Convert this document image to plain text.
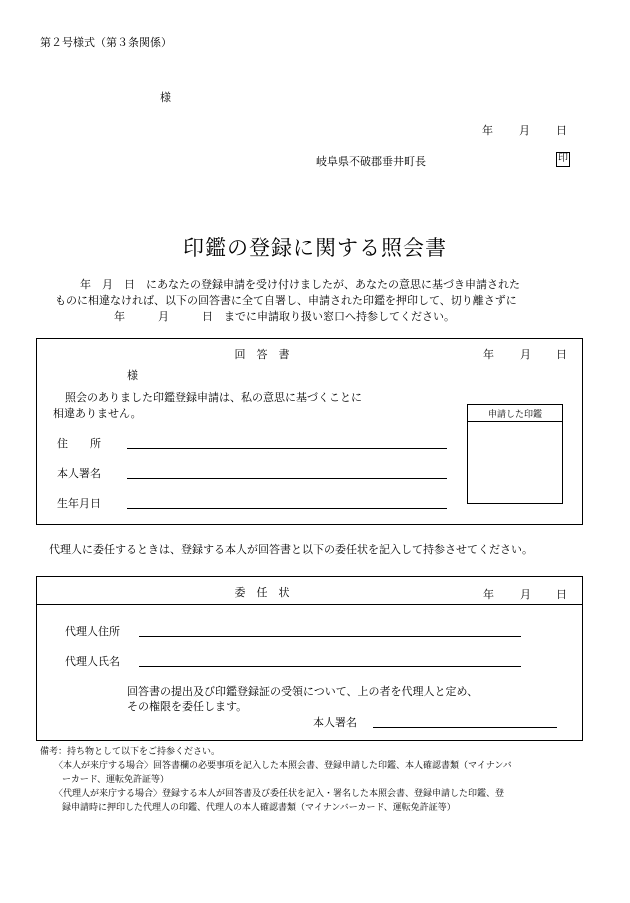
第２号様式（第３条関係）
様
年 月 日
岐阜県不破郡垂井町長	印
印鑑の登録に関する照会書
年　月　日　にあなたの登録申請を受け付けましたが、あなたの意思に基づき申請された
ものに相違なければ、以下の回答書に全て自署し、申請された印鑑を押印して、切り離さずに
年　　　月　　　日　までに申請取り扱い窓口へ持参してください。
回　答　書	年 月 日
様
照会のありました印鑑登録申請は、私の意思に基づくことに
相違ありません。
住　　所
本人署名
生年月日
申請した印鑑
代理人に委任するときは、登録する本人が回答書と以下の委任状を記入して持参させてください。
委　任　状	年 月 日
代理人住所
代理人氏名
回答書の提出及び印鑑登録証の受領について、上の者を代理人と定め、
その権限を委任します。
本人署名
備考：持ち物として以下をご持参ください。
〈本人が来庁する場合〉回答書欄の必要事項を記入した本照会書、登録申請した印鑑、本人確認書類（マイナンバ
ーカード、運転免許証等）
〈代理人が来庁する場合〉登録する本人が回答書及び委任状を記入・署名した本照会書、登録申請した印鑑、登
録申請時に押印した代理人の印鑑、代理人の本人確認書類（マイナンバーカード、運転免許証等）
